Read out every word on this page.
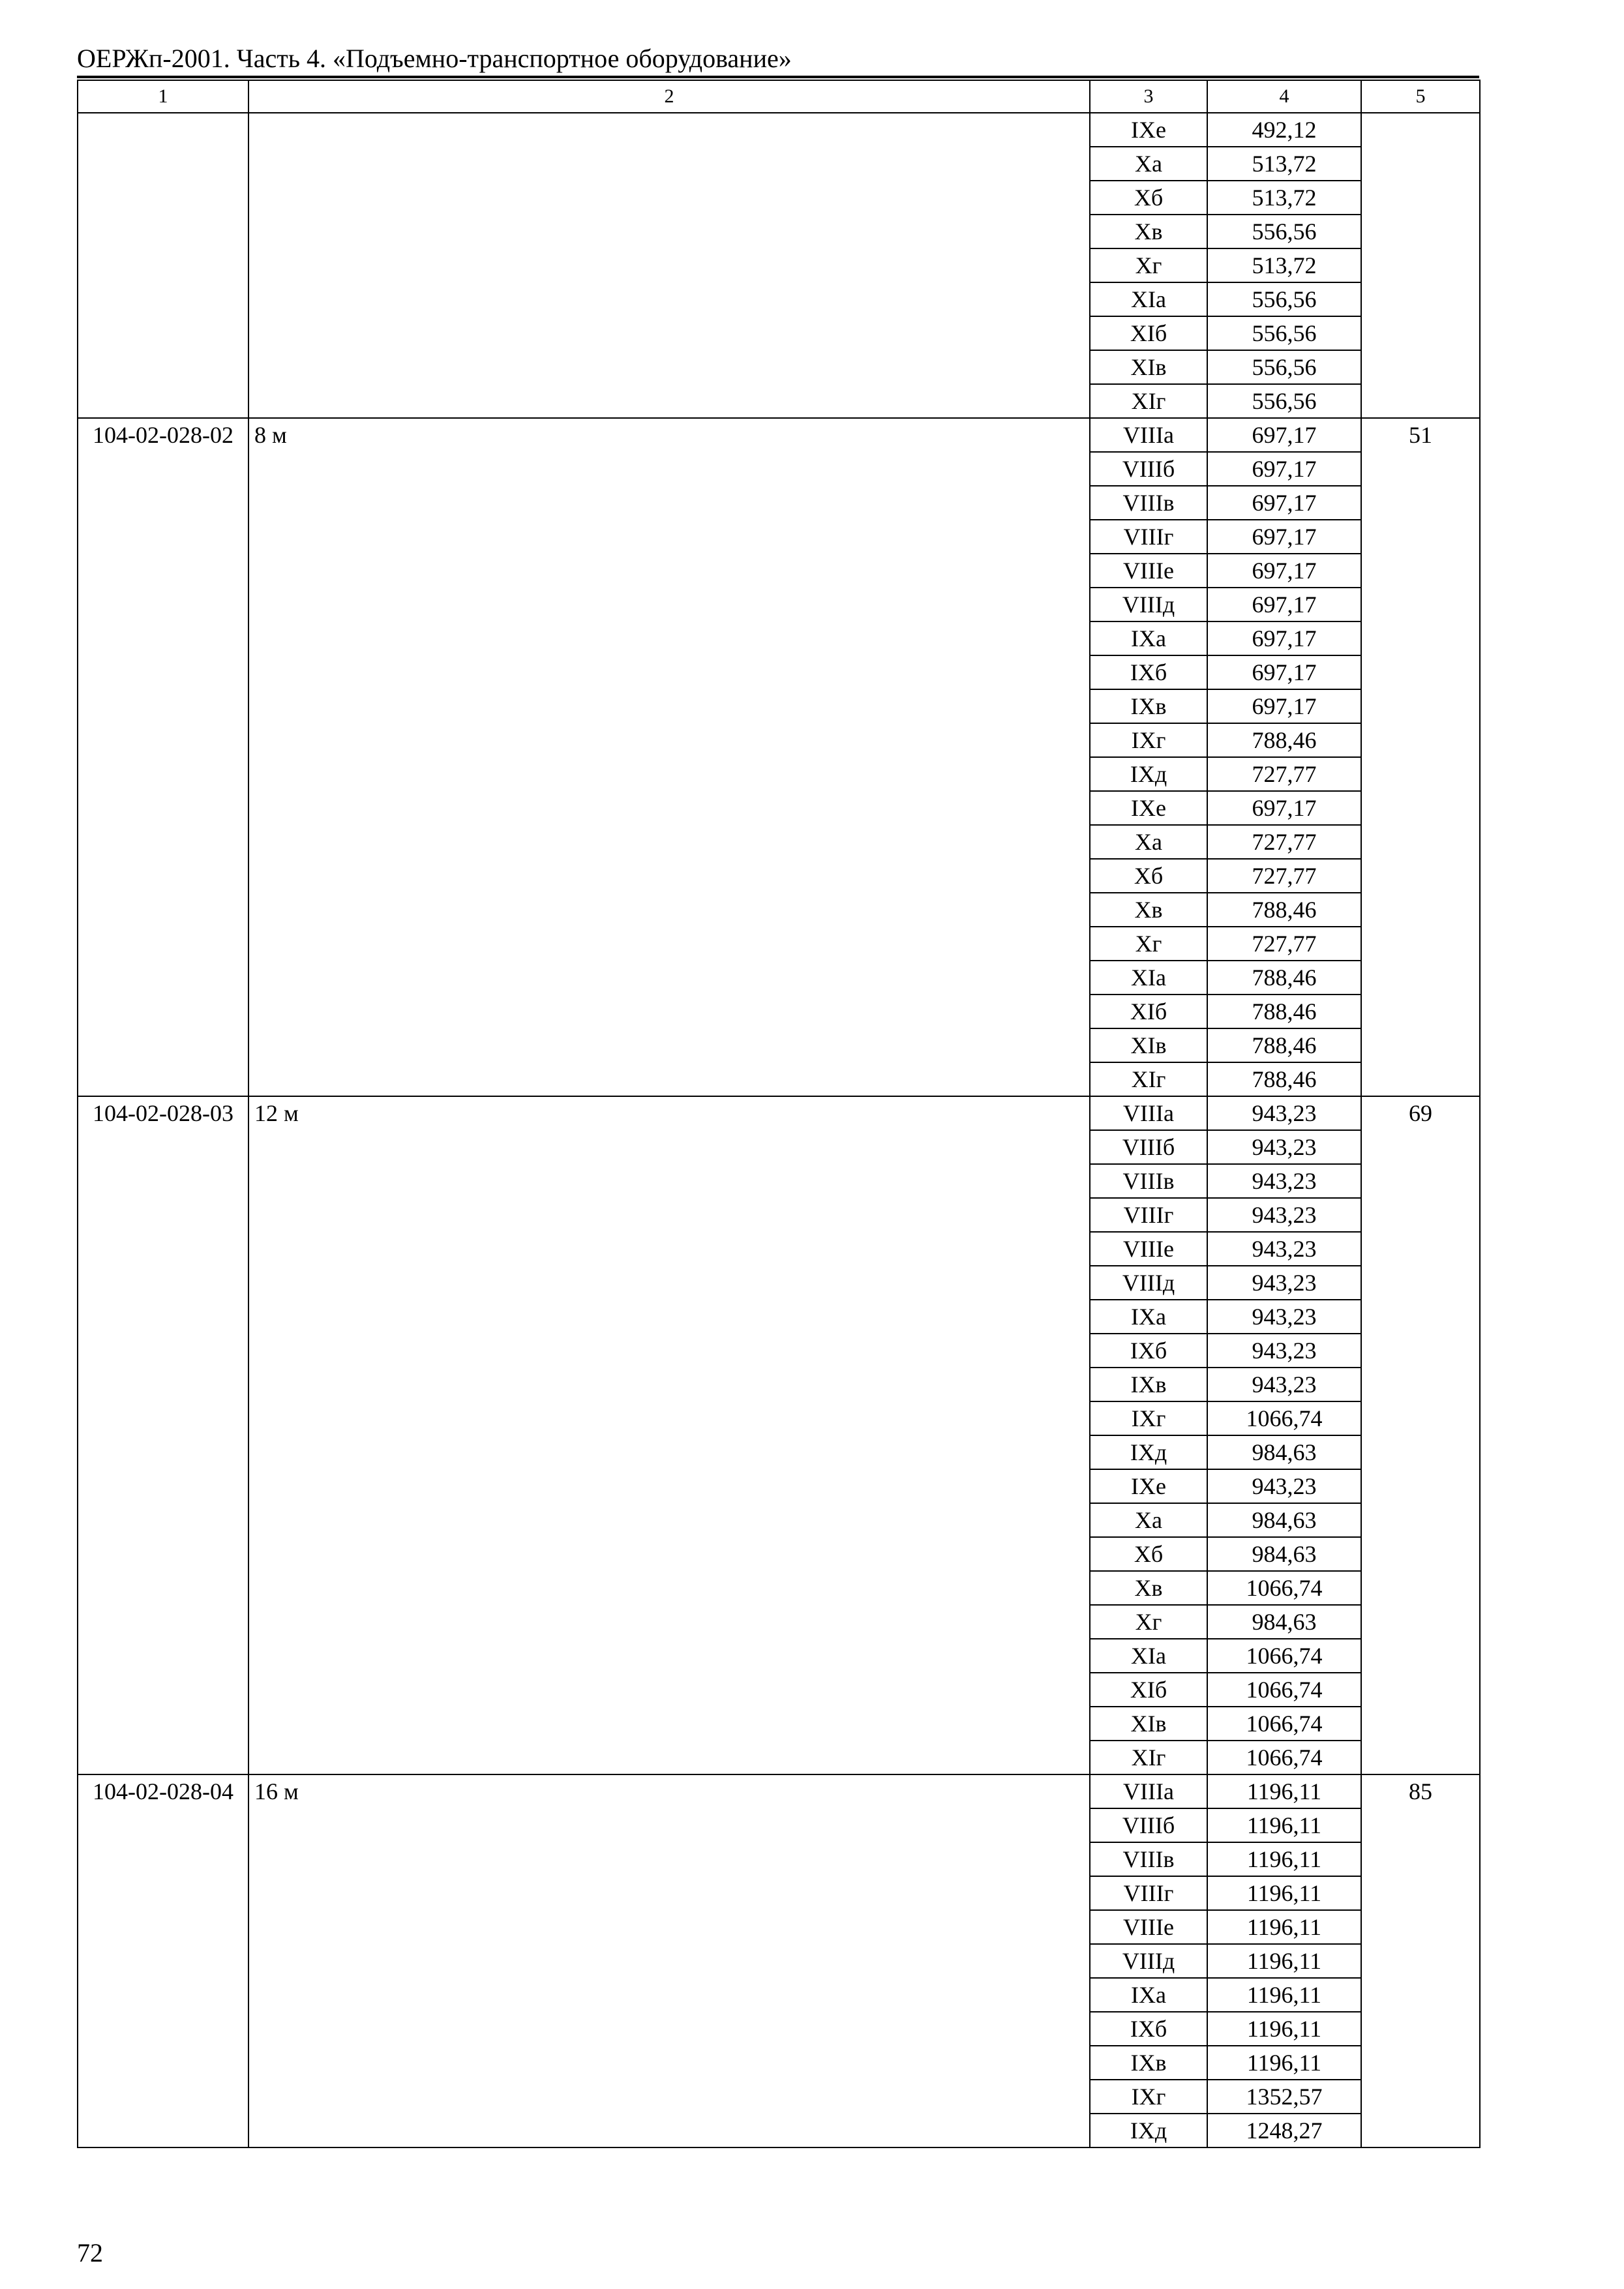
ОЕРЖп-2001. Часть 4. «Подъемно-транспортное оборудование»
1	2	3	4	5
		IXе	492,12	
		Xа	513,72	
		Xб	513,72	
		Xв	556,56	
		Xг	513,72	
		XIа	556,56	
		XIб	556,56	
		XIв	556,56	
		XIг	556,56	
104-02-028-02	8 м	VIIIа	697,17	51
		VIIIб	697,17	
		VIIIв	697,17	
		VIIIг	697,17	
		VIIIе	697,17	
		VIIIд	697,17	
		IXа	697,17	
		IXб	697,17	
		IXв	697,17	
		IXг	788,46	
		IXд	727,77	
		IXе	697,17	
		Xа	727,77	
		Xб	727,77	
		Xв	788,46	
		Xг	727,77	
		XIа	788,46	
		XIб	788,46	
		XIв	788,46	
		XIг	788,46	
104-02-028-03	12 м	VIIIа	943,23	69
		VIIIб	943,23	
		VIIIв	943,23	
		VIIIг	943,23	
		VIIIе	943,23	
		VIIIд	943,23	
		IXа	943,23	
		IXб	943,23	
		IXв	943,23	
		IXг	1066,74	
		IXд	984,63	
		IXе	943,23	
		Xа	984,63	
		Xб	984,63	
		Xв	1066,74	
		Xг	984,63	
		XIа	1066,74	
		XIб	1066,74	
		XIв	1066,74	
		XIг	1066,74	
104-02-028-04	16 м	VIIIа	1196,11	85
		VIIIб	1196,11	
		VIIIв	1196,11	
		VIIIг	1196,11	
		VIIIе	1196,11	
		VIIIд	1196,11	
		IXа	1196,11	
		IXб	1196,11	
		IXв	1196,11	
		IXг	1352,57	
		IXд	1248,27	
72
